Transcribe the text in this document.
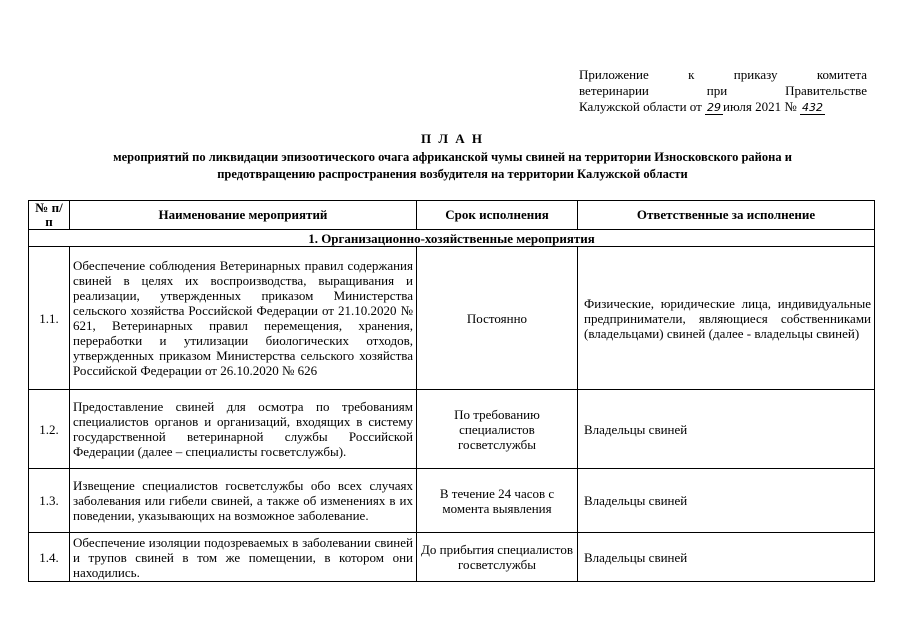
Приложение к приказу комитета
ветеринарии при Правительстве
Калужской области от 29 июля 2021 № 432
П Л А Н
мероприятий по ликвидации эпизоотического очага африканской чумы свиней на территории Износковского района и
предотвращению распространения возбудителя на территории Калужской области
№ п/п	Наименование мероприятий	Срок исполнения	Ответственные за исполнение
1. Организационно-хозяйственные мероприятия			
1.1.	Обеспечение соблюдения Ветеринарных правил содержания свиней в целях их воспроизводства, выращивания и реализации, утвержденных приказом Министерства сельского хозяйства Российской Федерации от 21.10.2020 № 621, Ветеринарных правил перемещения, хранения, переработки и утилизации биологических отходов, утвержденных приказом Министерства сельского хозяйства Российской Федерации от 26.10.2020 № 626	Постоянно	Физические, юридические лица, индивидуальные предприниматели, являющиеся собственниками (владельцами) свиней (далее - владельцы свиней)
1.2.	Предоставление свиней для осмотра по требованиям специалистов органов и организаций, входящих в систему государственной ветеринарной службы Российской Федерации (далее – специалисты госветслужбы).	По требованию специалистов госветслужбы	Владельцы свиней
1.3.	Извещение специалистов госветслужбы обо всех случаях заболевания или гибели свиней, а также об изменениях в их поведении, указывающих на возможное заболевание.	В течение 24 часов с момента выявления	Владельцы свиней
1.4.	Обеспечение изоляции подозреваемых в заболевании свиней и трупов свиней в том же помещении, в котором они находились.	До прибытия специалистов госветслужбы	Владельцы свиней
